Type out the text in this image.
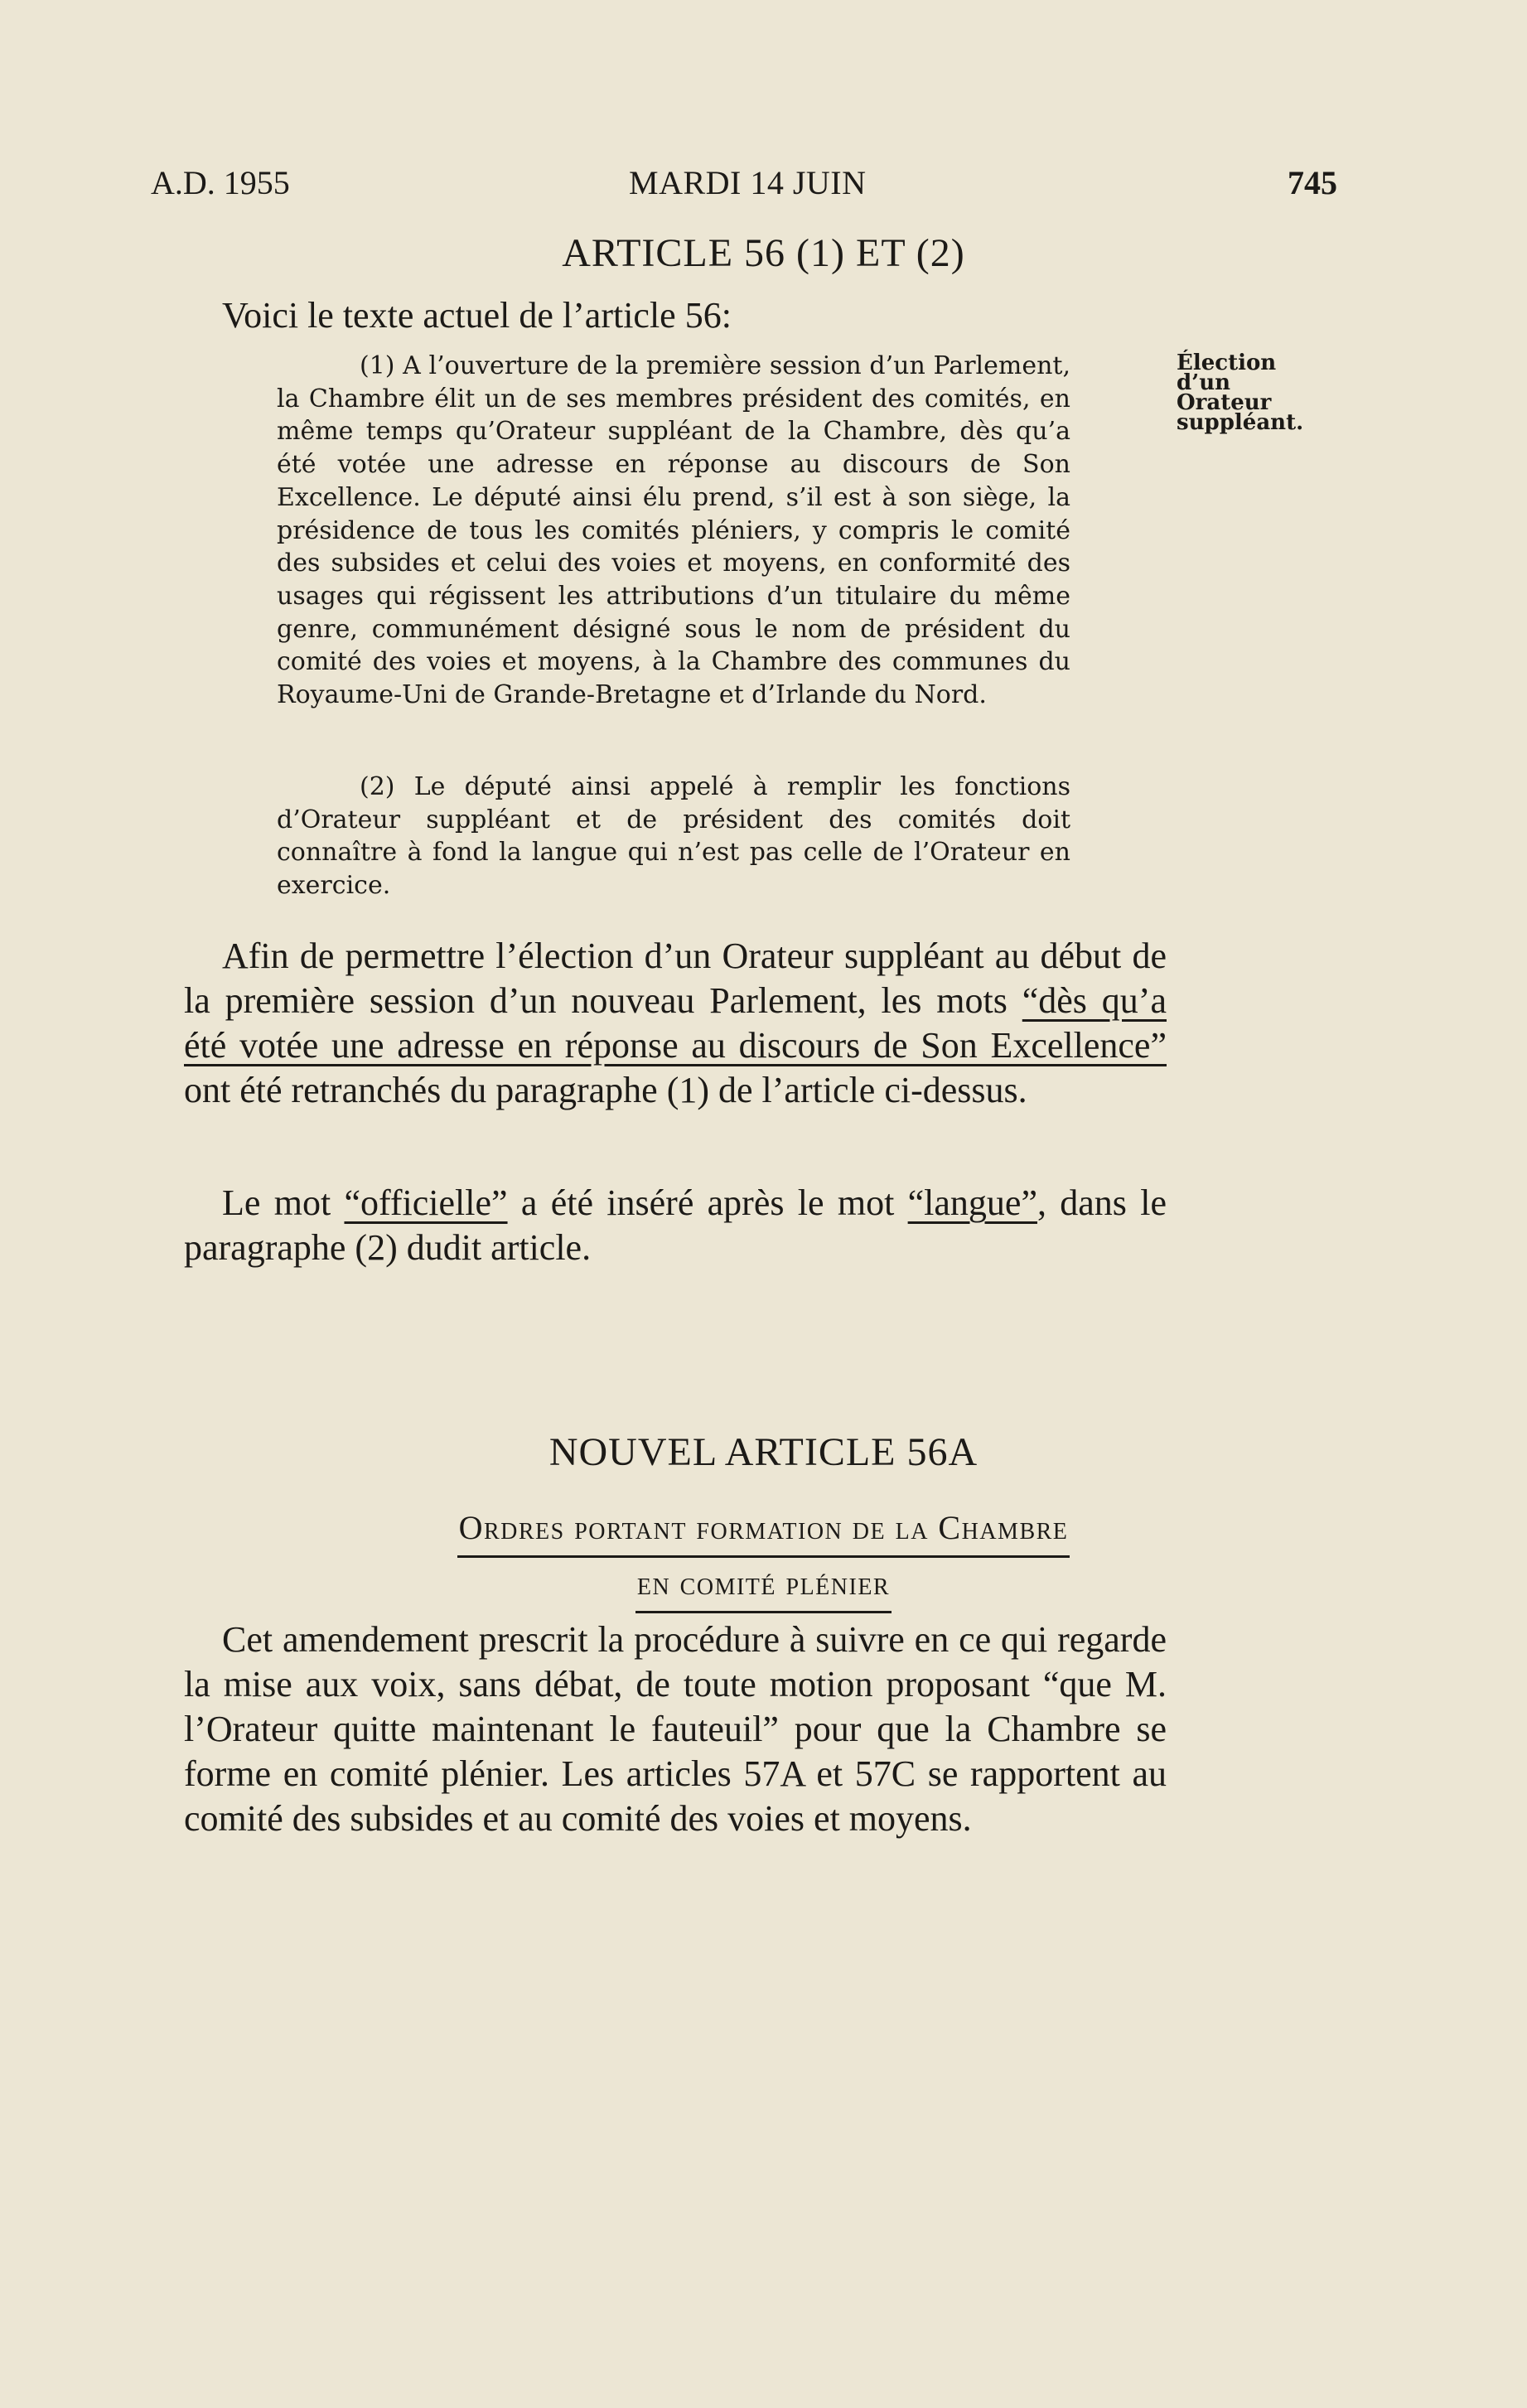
A.D. 1955	MARDI 14 JUIN	745
ARTICLE 56 (1) ET (2)
Voici le texte actuel de l’article 56:

(1) A l’ouverture de la première session d’un Parlement, la Chambre élit un de ses membres président des comités, en même temps qu’Orateur suppléant de la Chambre, dès qu’a été votée une adresse en réponse au discours de Son Excellence. Le député ainsi élu prend, s’il est à son siège, la présidence de tous les comités pléniers, y compris le comité des subsides et celui des voies et moyens, en conformité des usages qui régissent les attributions d’un titulaire du même genre, communément désigné sous le nom de président du comité des voies et moyens, à la Chambre des communes du Royaume-Uni de Grande-Bretagne et d’Irlande du Nord.

(2) Le député ainsi appelé à remplir les fonctions d’Orateur suppléant et de président des comités doit connaître à fond la langue qui n’est pas celle de l’Orateur en exercice.

Élection
d’un
Orateur
suppléant.

Afin de permettre l’élection d’un Orateur suppléant au début de la première session d’un nouveau Parlement, les mots “dès qu’a été votée une adresse en réponse au discours de Son Excellence” ont été retranchés du paragraphe (1) de l’article ci-dessus.

Le mot “officielle” a été inséré après le mot “langue”, dans le paragraphe (2) dudit article.

NOUVEL ARTICLE 56A
Ordres portant formation de la Chambre
en comité plénier

Cet amendement prescrit la procédure à suivre en ce qui regarde la mise aux voix, sans débat, de toute motion proposant “que M. l’Orateur quitte maintenant le fauteuil” pour que la Chambre se forme en comité plénier. Les articles 57A et 57C se rapportent au comité des subsides et au comité des voies et moyens.
